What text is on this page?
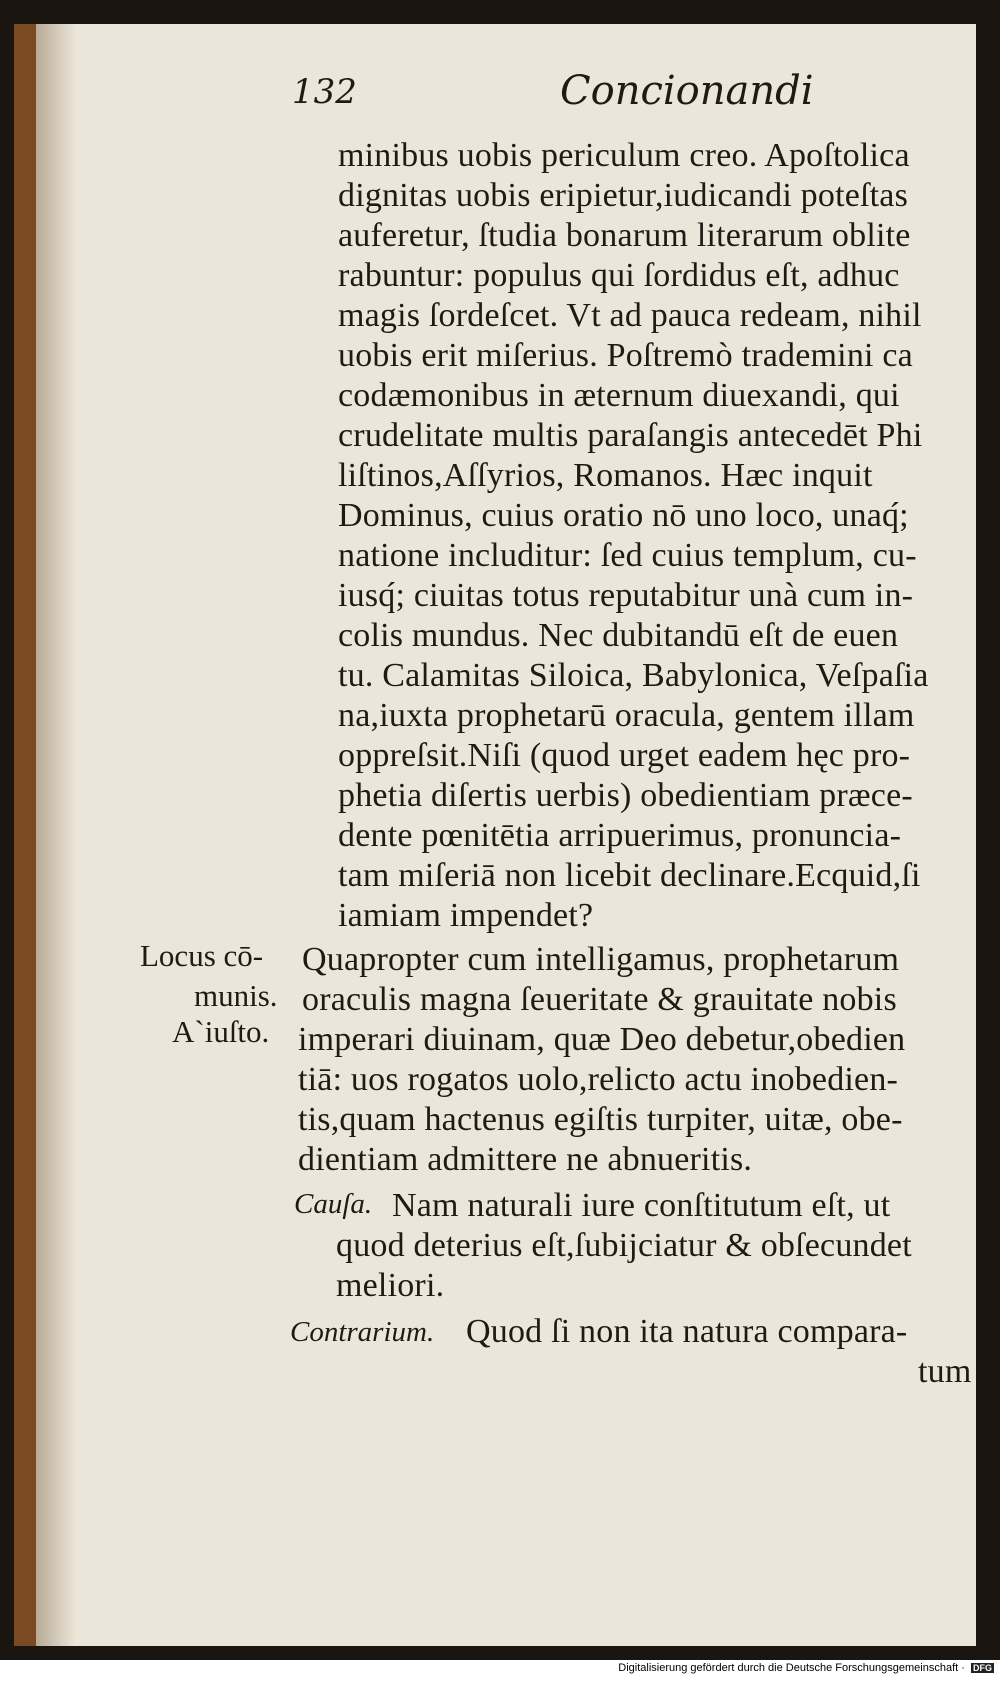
132	Concionandi
minibus uobis periculum creo. Apoſtolica
dignitas uobis eripietur,iudicandi poteſtas
auferetur, ſtudia bonarum literarum oblite
rabuntur: populus qui ſordidus eſt, adhuc
magis ſordeſcet. Vt ad pauca redeam, nihil
uobis erit miſerius. Poſtremò trademini ca
codæmonibus in æternum diuexandi, qui
crudelitate multis paraſangis antecedēt Phi
liſtinos,Aſſyrios, Romanos. Hæc inquit
Dominus, cuius oratio nō uno loco, unaq́;
natione includitur: ſed cuius templum, cu-
iusq́; ciuitas totus reputabitur unà cum in-
colis mundus. Nec dubitandū eſt de euen
tu. Calamitas Siloica, Babylonica, Veſpaſia
na,iuxta prophetarū oracula, gentem illam
oppreſsit.Niſi (quod urget eadem hęc pro-
phetia diſertis uerbis) obedientiam præce-
dente pœnitētia arripuerimus, pronuncia-
tam miſeriā non licebit declinare.Ecquid,ſi
iamiam impendet?
Quapropter cum intelligamus, prophetarum
oraculis magna ſeueritate & grauitate nobis
imperari diuinam, quæ Deo debetur,obedien
tiā: uos rogatos uolo,relicto actu inobedien-
tis,quam hactenus egiſtis turpiter, uitæ, obe-
dientiam admittere ne abnueritis.
Locus cō-
munis.
A`iuſto.
Cauſa. Nam naturali iure conſtitutum eſt, ut
quod deterius eſt,ſubijciatur & obſecundet
meliori.
Contrarium. Quod ſi non ita natura compara-
tum
Digitalisierung gefördert durch die Deutsche Forschungsgemeinschaft · DFG
